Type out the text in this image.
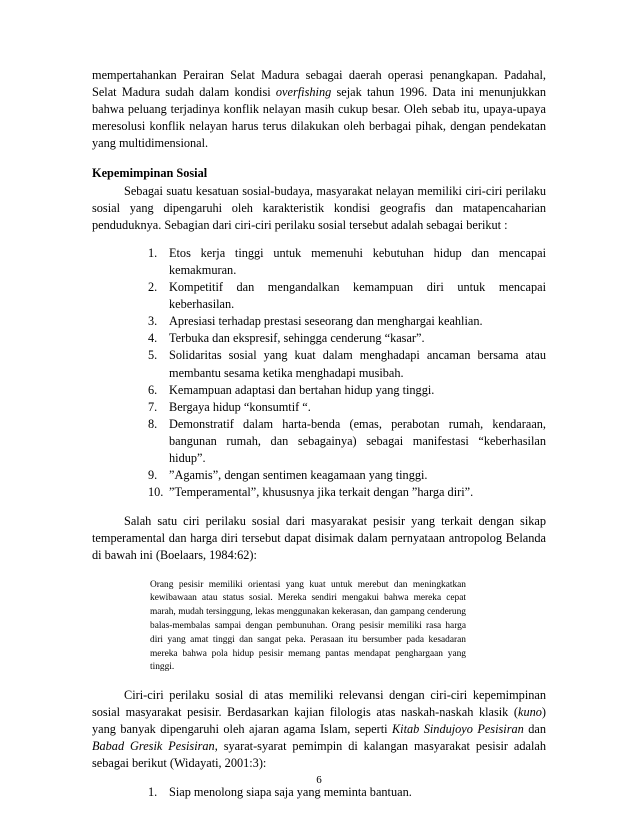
mempertahankan Perairan Selat Madura sebagai daerah operasi penangkapan. Padahal, Selat Madura sudah dalam kondisi overfishing sejak tahun 1996. Data ini menunjukkan bahwa peluang terjadinya konflik nelayan masih cukup besar. Oleh sebab itu, upaya-upaya meresolusi konflik nelayan harus terus dilakukan oleh berbagai pihak, dengan pendekatan yang multidimensional.

Kepemimpinan Sosial

Sebagai suatu kesatuan sosial-budaya, masyarakat nelayan memiliki ciri-ciri perilaku sosial yang dipengaruhi oleh karakteristik kondisi geografis dan matapencaharian penduduknya. Sebagian dari ciri-ciri perilaku sosial tersebut adalah sebagai berikut :

1. Etos kerja tinggi untuk memenuhi kebutuhan hidup dan mencapai kemakmuran.
2. Kompetitif dan mengandalkan kemampuan diri untuk mencapai keberhasilan.
3. Apresiasi terhadap prestasi seseorang dan menghargai keahlian.
4. Terbuka dan ekspresif, sehingga cenderung “kasar”.
5. Solidaritas sosial yang kuat dalam menghadapi ancaman bersama atau membantu sesama ketika menghadapi musibah.
6. Kemampuan adaptasi dan bertahan hidup yang tinggi.
7. Bergaya hidup “konsumtif “.
8. Demonstratif dalam harta-benda (emas, perabotan rumah, kendaraan, bangunan rumah, dan sebagainya) sebagai manifestasi “keberhasilan hidup”.
9. ”Agamis”, dengan sentimen keagamaan yang tinggi.
10. ”Temperamental”, khususnya jika terkait dengan ”harga diri”.

Salah satu ciri perilaku sosial dari masyarakat pesisir yang terkait dengan sikap temperamental dan harga diri tersebut dapat disimak dalam pernyataan antropolog Belanda di bawah ini (Boelaars, 1984:62):

Orang pesisir memiliki orientasi yang kuat untuk merebut dan meningkatkan kewibawaan atau status sosial. Mereka sendiri mengakui bahwa mereka cepat marah, mudah tersinggung, lekas menggunakan kekerasan, dan gampang cenderung balas-membalas sampai dengan pembunuhan. Orang pesisir memiliki rasa harga diri yang amat tinggi dan sangat peka. Perasaan itu bersumber pada kesadaran mereka bahwa pola hidup pesisir memang pantas mendapat penghargaan yang tinggi.

Ciri-ciri perilaku sosial di atas memiliki relevansi dengan ciri-ciri kepemimpinan sosial masyarakat pesisir. Berdasarkan kajian filologis atas naskah-naskah klasik (kuno) yang banyak dipengaruhi oleh ajaran agama Islam, seperti Kitab Sindujoyo Pesisiran dan Babad Gresik Pesisiran, syarat-syarat pemimpin di kalangan masyarakat pesisir adalah sebagai berikut (Widayati, 2001:3):

1. Siap menolong siapa saja yang meminta bantuan.
6
